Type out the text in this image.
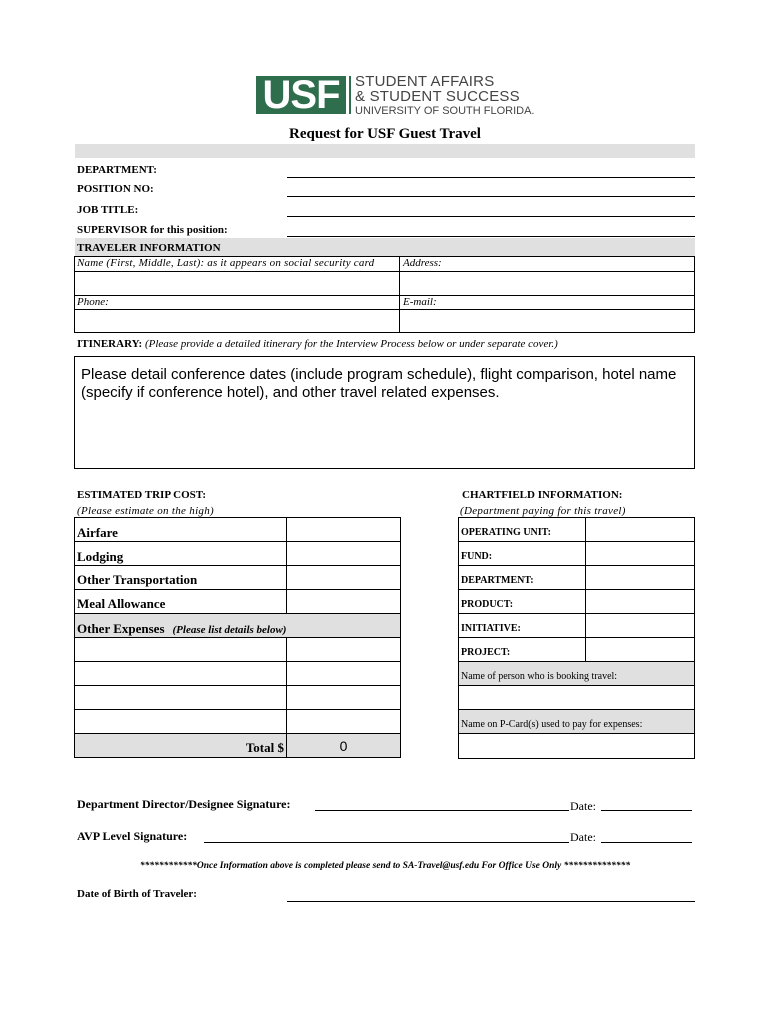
USF	STUDENT AFFAIRS
& STUDENT SUCCESS
UNIVERSITY OF SOUTH FLORIDA.
Request for USF Guest Travel
DEPARTMENT:
POSITION NO:
JOB TITLE:
SUPERVISOR for this position:
TRAVELER INFORMATION
Name (First, Middle, Last): as it appears on social security card	Address:
Phone:	E-mail:
ITINERARY: (Please provide a detailed itinerary for the Interview Process below or under separate cover.)
Please detail conference dates (include program schedule), flight comparison, hotel name (specify if conference hotel), and other travel related expenses.
ESTIMATED TRIP COST:
(Please estimate on the high)
Airfare
Lodging
Other Transportation
Meal Allowance
Other Expenses (Please list details below)
Total $	0
CHARTFIELD INFORMATION:
(Department paying for this travel)
OPERATING UNIT:
FUND:
DEPARTMENT:
PRODUCT:
INITIATIVE:
PROJECT:
Name of person who is booking travel:
Name on P-Card(s) used to pay for expenses:
Department Director/Designee Signature:	Date:
AVP Level Signature:	Date:
************Once Information above is completed please send to SA-Travel@usf.edu For Office Use Only **************
Date of Birth of Traveler:
